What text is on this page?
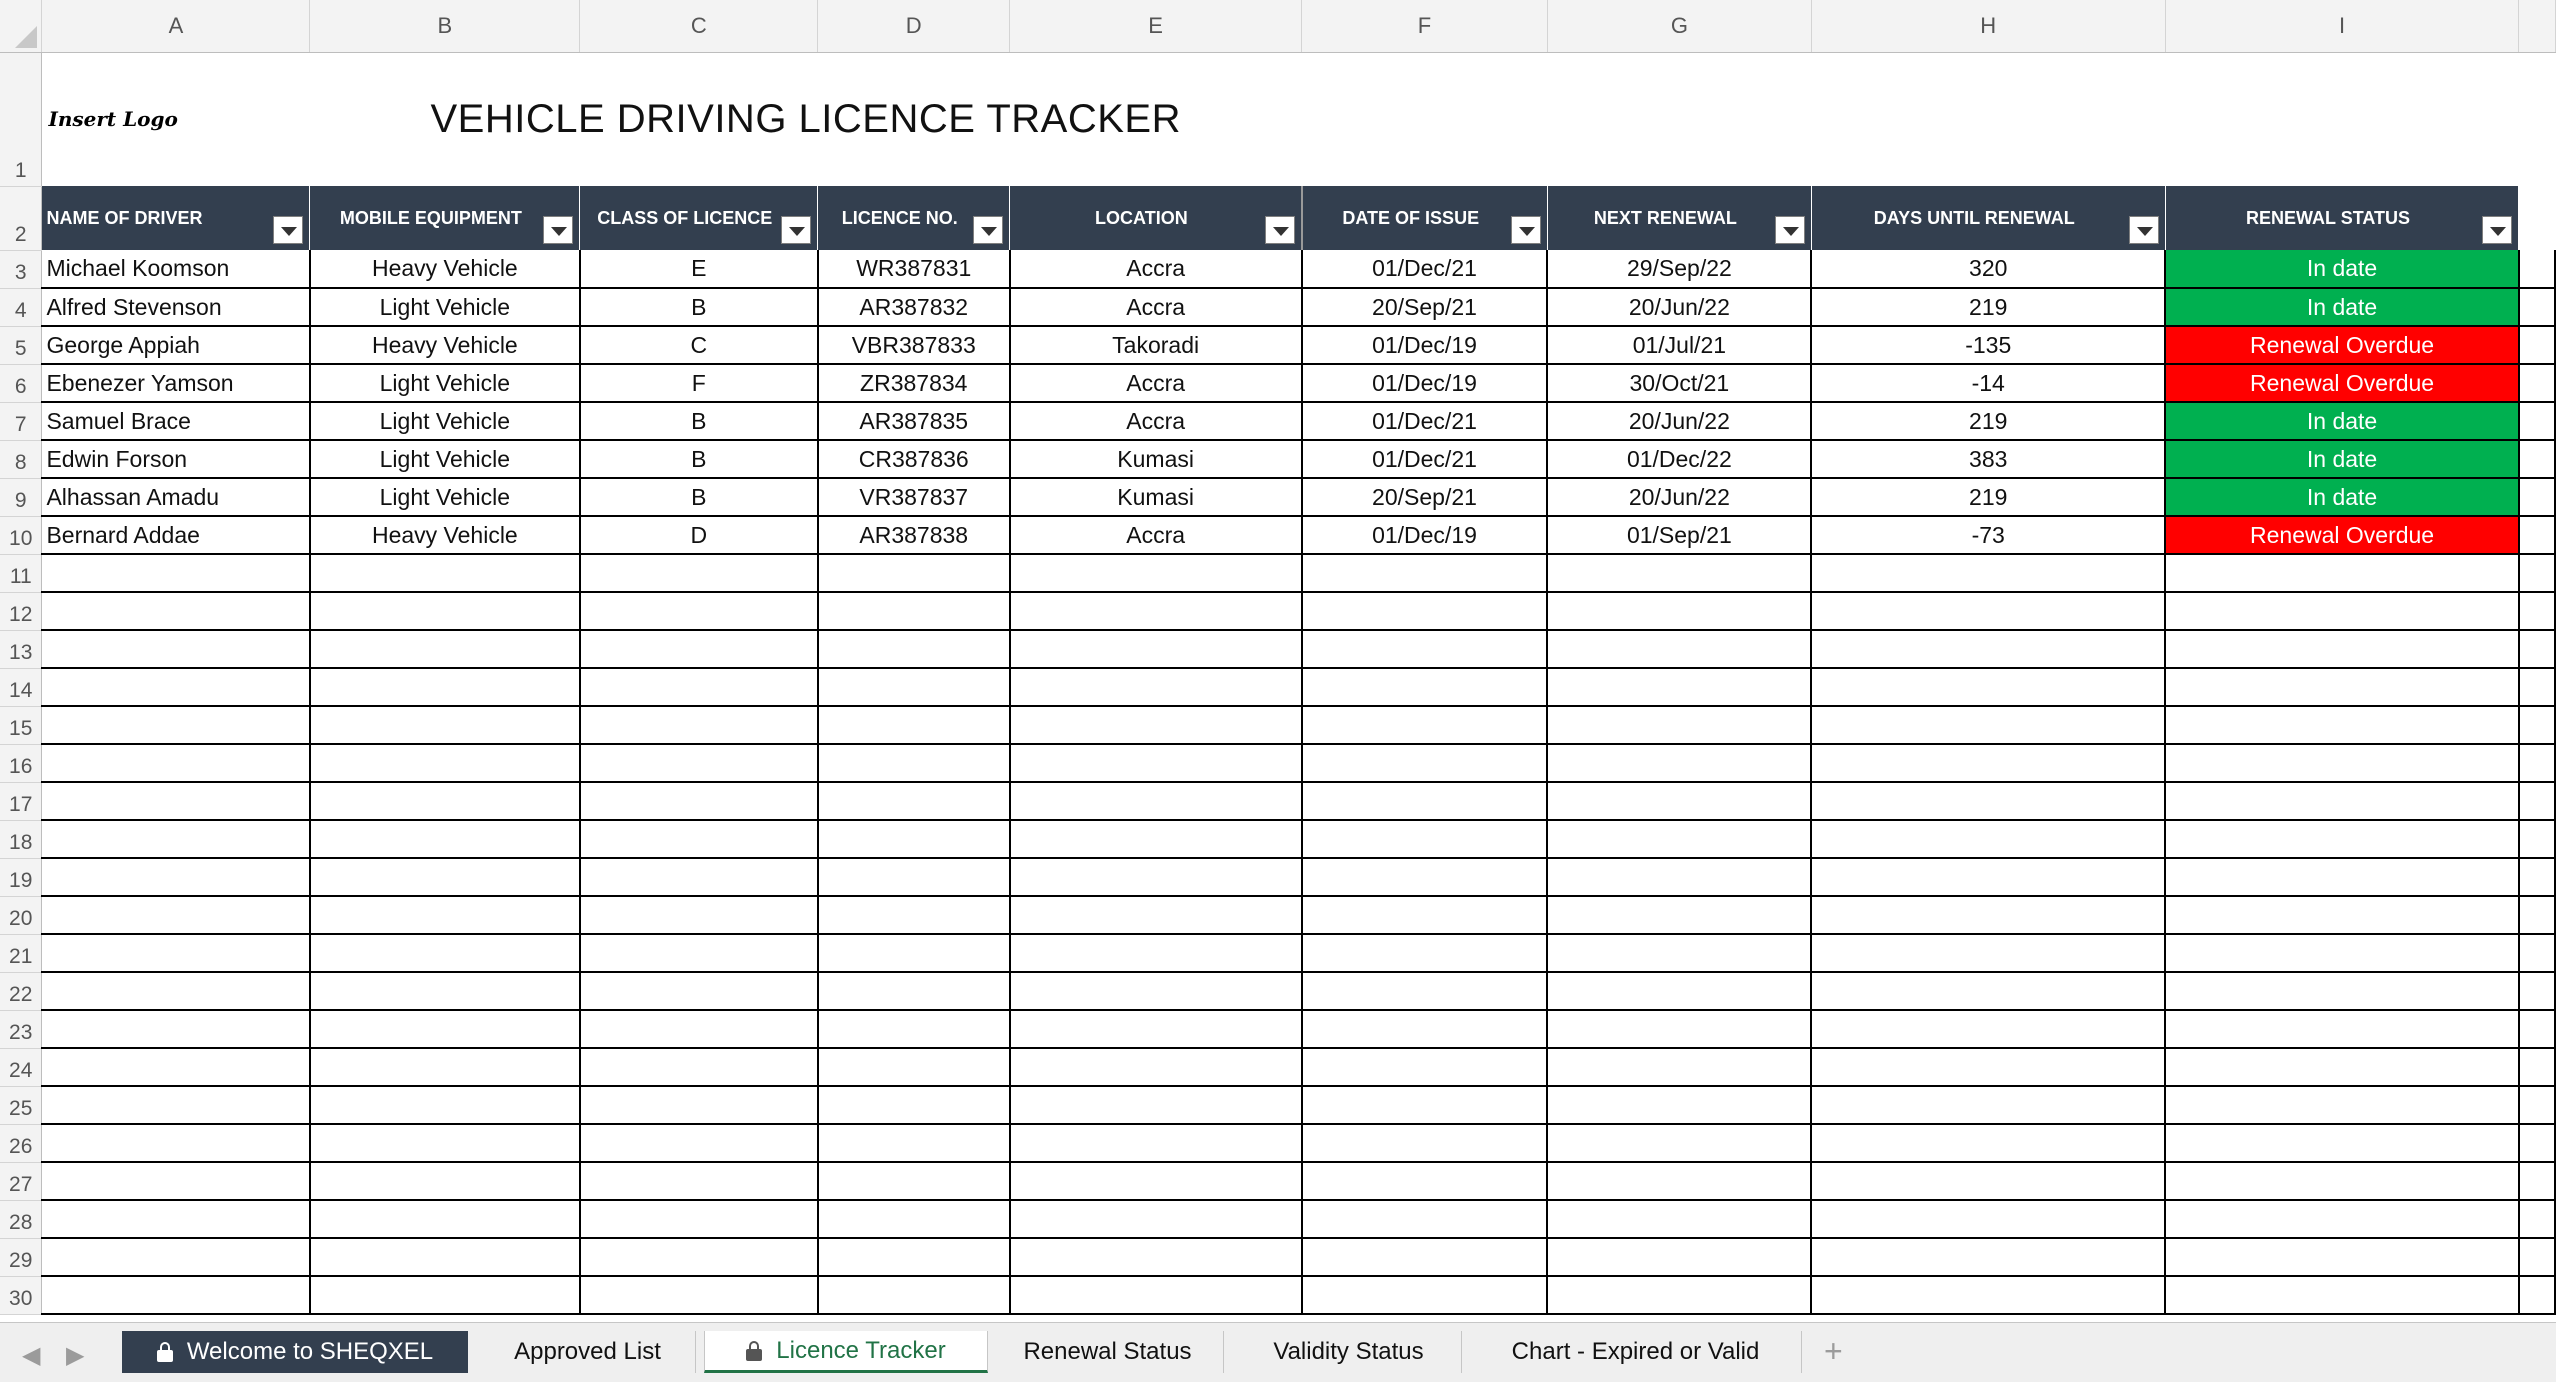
	A	B	C	D	E	F	G	H	I	
1	Insert Logo	VEHICLE DRIVING LICENCE TRACKER								
2	NAME OF DRIVER	MOBILE EQUIPMENT	CLASS OF LICENCE	LICENCE NO.	LOCATION	DATE OF ISSUE	NEXT RENEWAL	DAYS UNTIL RENEWAL	RENEWAL STATUS

3	Michael Koomson	Heavy Vehicle	E	WR387831	Accra	01/Dec/21	29/Sep/22	320	In date	
4	Alfred Stevenson	Light Vehicle	B	AR387832	Accra	20/Sep/21	20/Jun/22	219	In date	
5	George Appiah	Heavy Vehicle	C	VBR387833	Takoradi	01/Dec/19	01/Jul/21	-135	Renewal Overdue	
6	Ebenezer Yamson	Light Vehicle	F	ZR387834	Accra	01/Dec/19	30/Oct/21	-14	Renewal Overdue	
7	Samuel Brace	Light Vehicle	B	AR387835	Accra	01/Dec/21	20/Jun/22	219	In date	
8	Edwin Forson	Light Vehicle	B	CR387836	Kumasi	01/Dec/21	01/Dec/22	383	In date	
9	Alhassan Amadu	Light Vehicle	B	VR387837	Kumasi	20/Sep/21	20/Jun/22	219	In date	
10	Bernard Addae	Heavy Vehicle	D	AR387838	Accra	01/Dec/19	01/Sep/21	-73	Renewal Overdue	
11										
12										
13										
14										
15										
16										
17										
18										
19										
20										
21										
22										
23										
24										
25										
26										
27										
28										
29										
30										
◀ ▶	Welcome to SHEQXEL	Approved List	Licence Tracker	Renewal Status	Validity Status	Chart - Expired or Valid +
